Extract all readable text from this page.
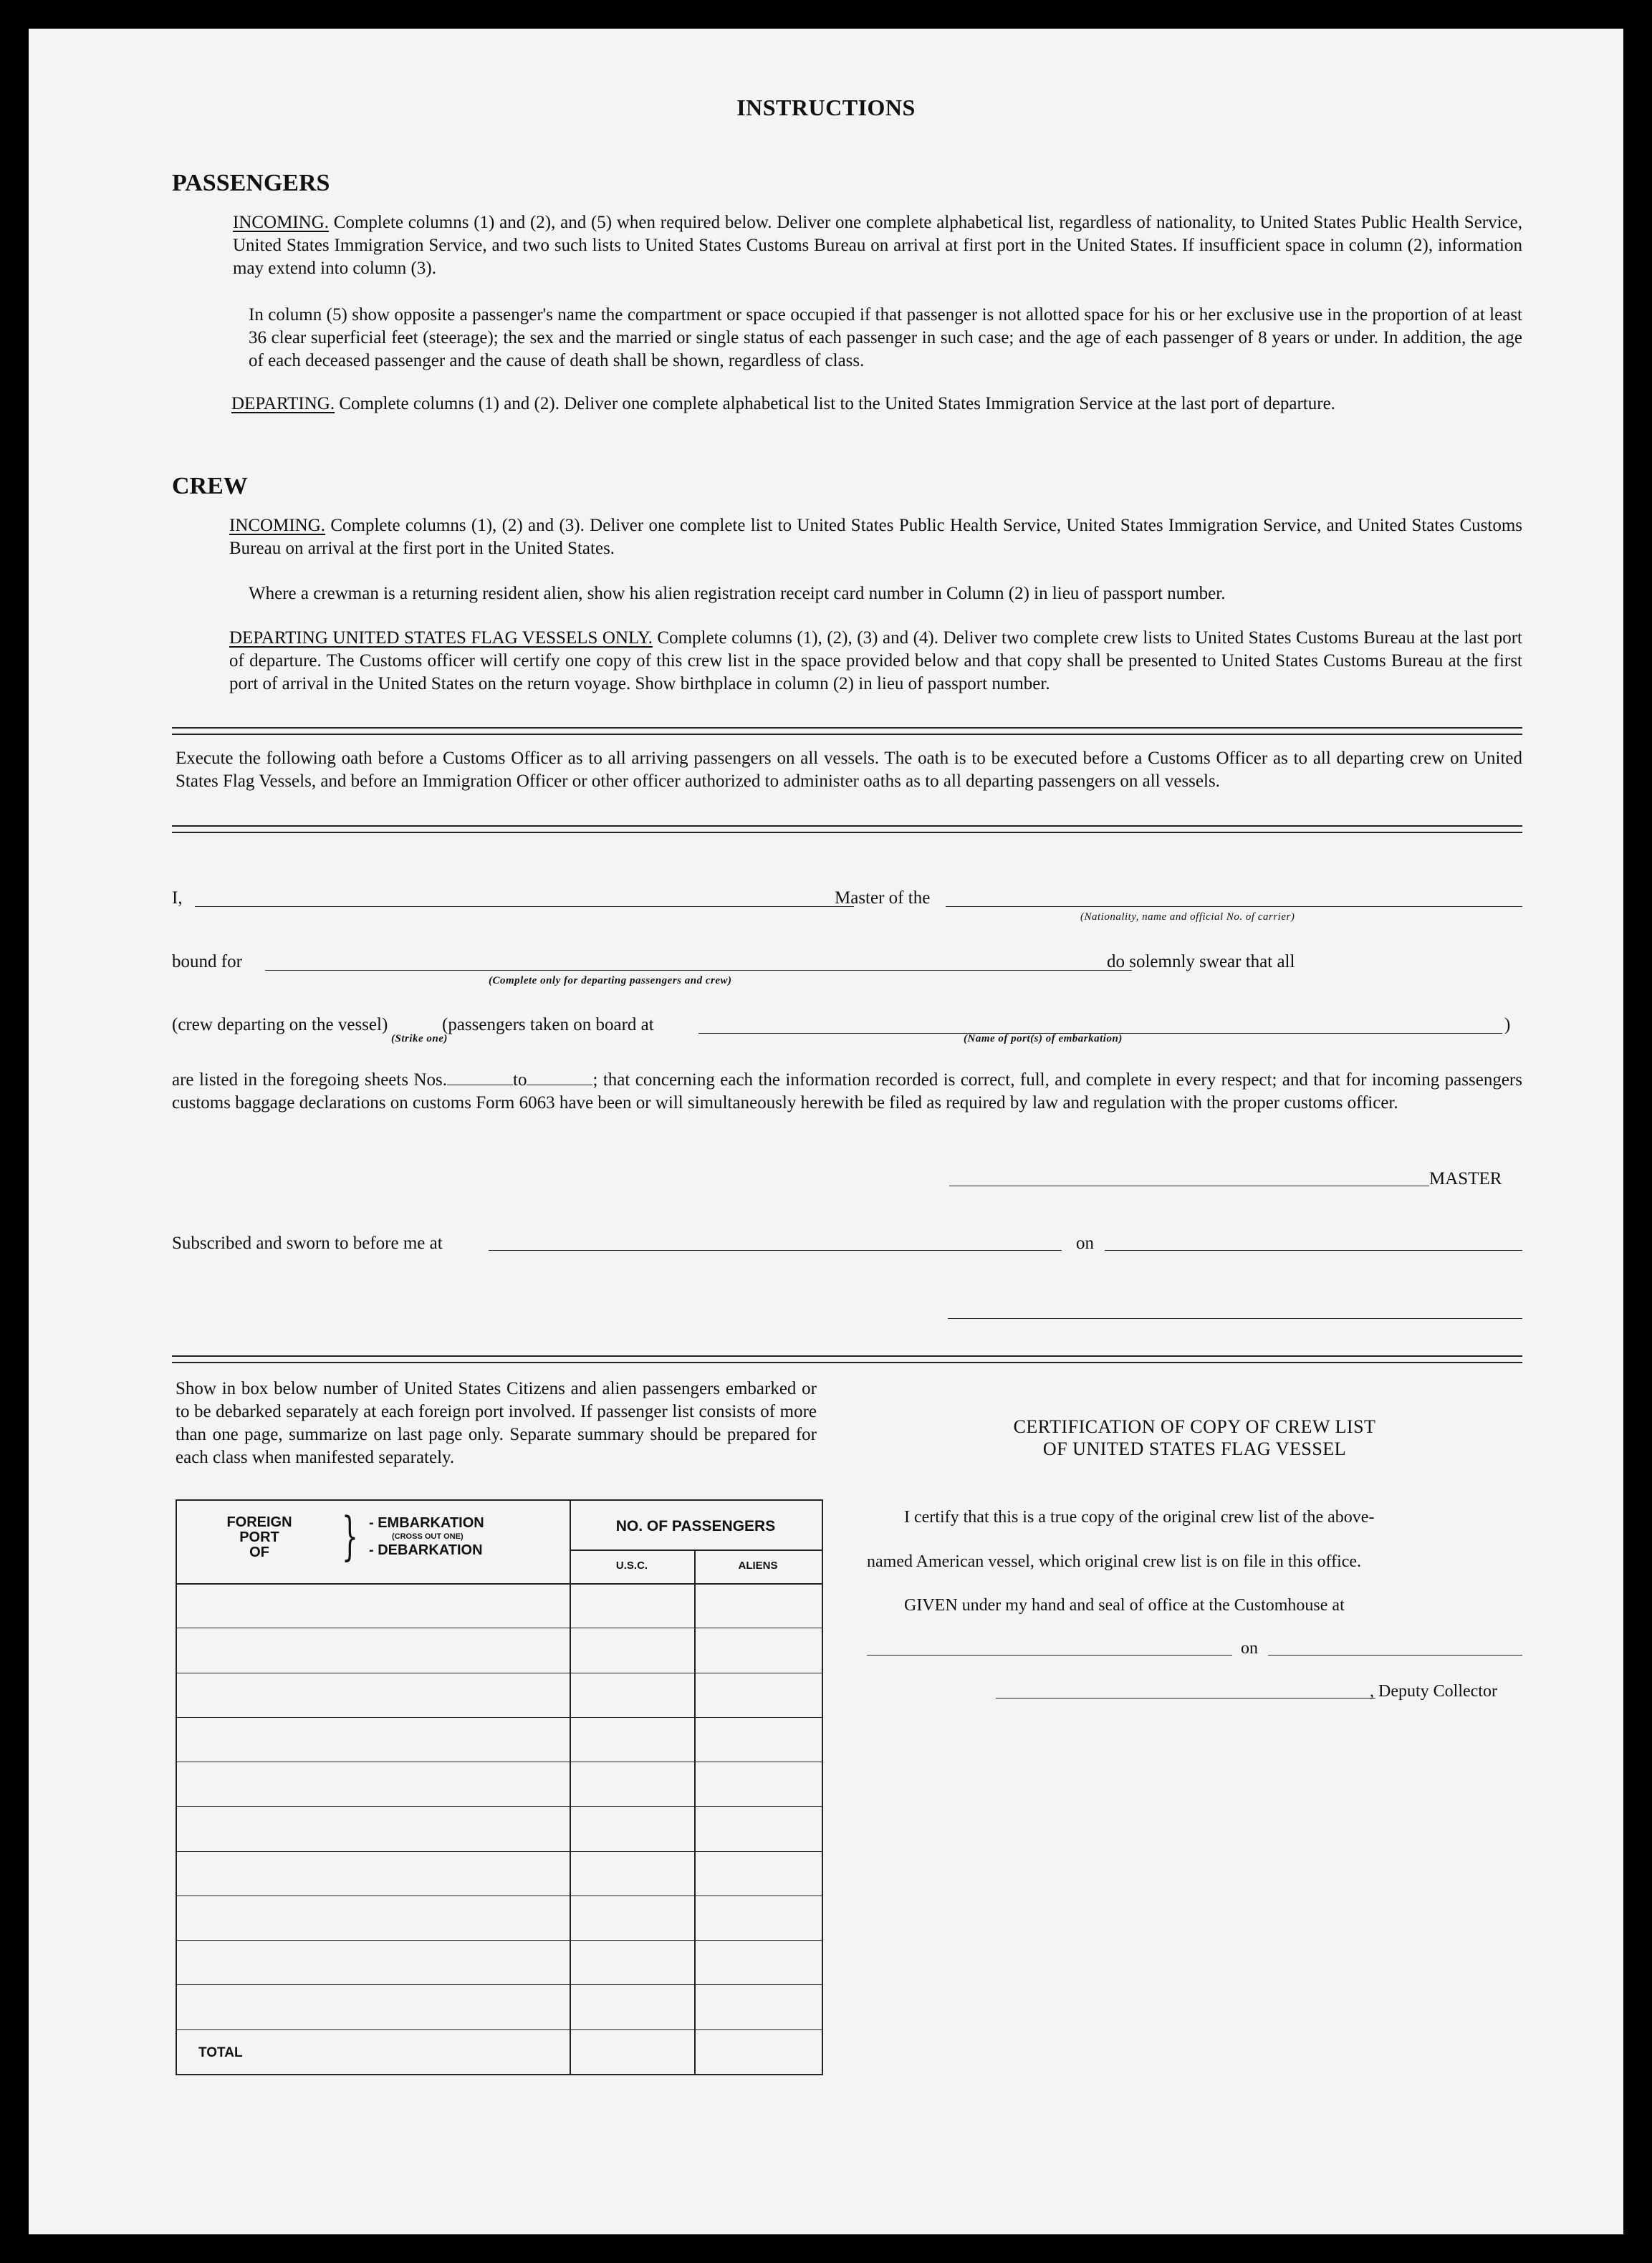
INSTRUCTIONS
PASSENGERS
INCOMING. Complete columns (1) and (2), and (5) when required below. Deliver one complete alphabetical list, regardless of nationality, to United States Public Health Service, United States Immigration Service, and two such lists to United States Customs Bureau on arrival at first port in the United States. If insufficient space in column (2), information may extend into column (3).
In column (5) show opposite a passenger's name the compartment or space occupied if that passenger is not allotted space for his or her exclusive use in the proportion of at least 36 clear superficial feet (steerage); the sex and the married or single status of each passenger in such case; and the age of each passenger of 8 years or under. In addition, the age of each deceased passenger and the cause of death shall be shown, regardless of class.
DEPARTING. Complete columns (1) and (2). Deliver one complete alphabetical list to the United States Immigration Service at the last port of departure.
CREW
INCOMING. Complete columns (1), (2) and (3). Deliver one complete list to United States Public Health Service, United States Immigration Service, and United States Customs Bureau on arrival at the first port in the United States.
Where a crewman is a returning resident alien, show his alien registration receipt card number in Column (2) in lieu of passport number.
DEPARTING UNITED STATES FLAG VESSELS ONLY. Complete columns (1), (2), (3) and (4). Deliver two complete crew lists to United States Customs Bureau at the last port of departure. The Customs officer will certify one copy of this crew list in the space provided below and that copy shall be presented to United States Customs Bureau at the first port of arrival in the United States on the return voyage. Show birthplace in column (2) in lieu of passport number.
Execute the following oath before a Customs Officer as to all arriving passengers on all vessels. The oath is to be executed before a Customs Officer as to all departing crew on United States Flag Vessels, and before an Immigration Officer or other officer authorized to administer oaths as to all departing passengers on all vessels.
I,	Master of the
(Nationality, name and official No. of carrier)
bound for
(Complete only for departing passengers and crew)
do solemnly swear that all
(crew departing on the vessel)
(Strike one)
(passengers taken on board at	)
(Name of port(s) of embarkation)
are listed in the foregoing sheets Nos.	to	; that concerning each the information recorded is correct, full, and complete in every respect; and that for incoming passengers customs baggage declarations on customs Form 6063 have been or will simultaneously herewith be filed as required by law and regulation with the proper customs officer.
MASTER
Subscribed and sworn to before me at	on
Show in box below number of United States Citizens and alien passengers embarked or to be debarked separately at each foreign port involved. If passenger list consists of more than one page, summarize on last page only. Separate summary should be prepared for each class when manifested separately.
FOREIGN
PORT
OF	} - EMBARKATION
(CROSS OUT ONE)
- DEBARKATION
NO. OF PASSENGERS
U.S.C.	ALIENS
TOTAL
CERTIFICATION OF COPY OF CREW LIST
OF UNITED STATES FLAG VESSEL
I certify that this is a true copy of the original crew list of the above-
named American vessel, which original crew list is on file in this office.
GIVEN under my hand and seal of office at the Customhouse at
on
, Deputy Collector
